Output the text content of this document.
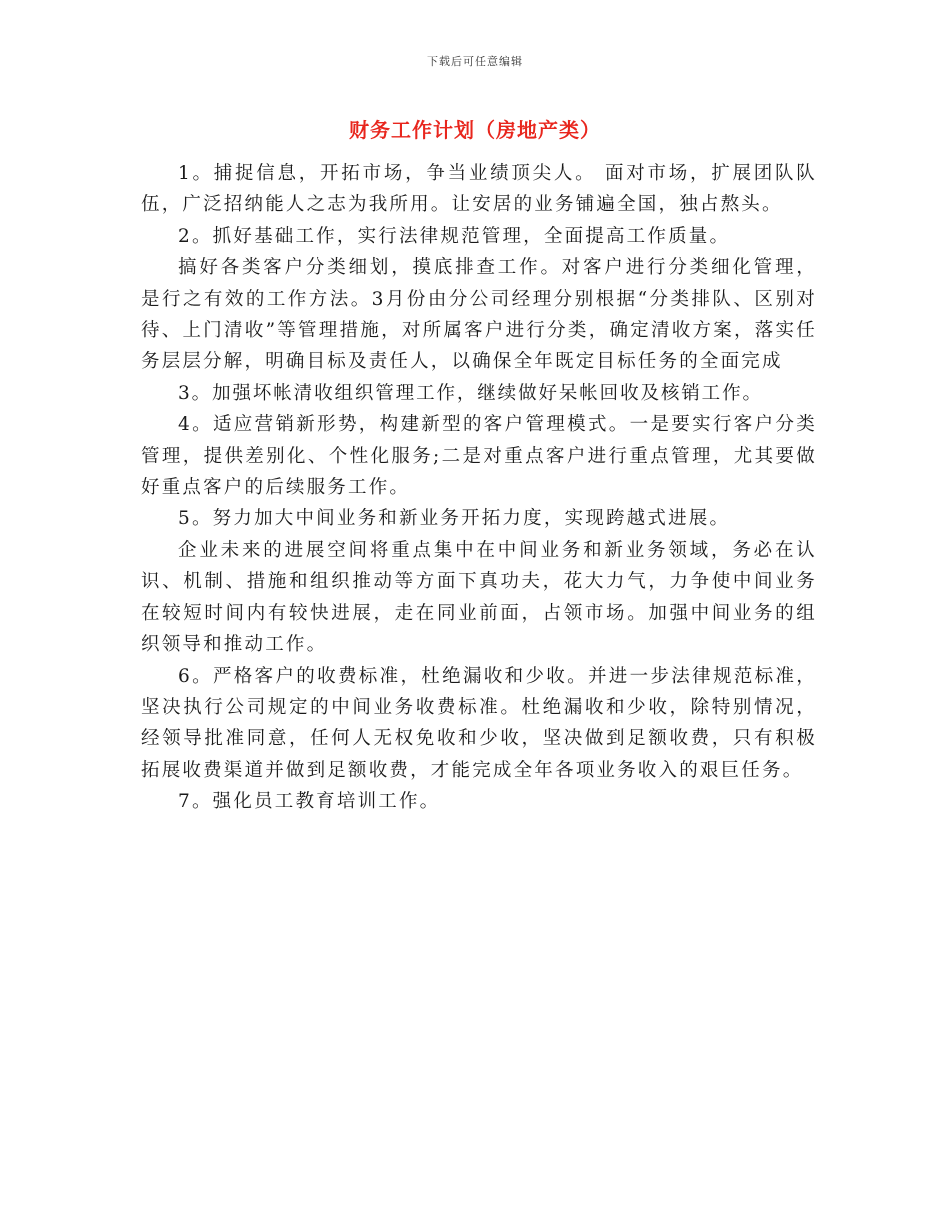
下载后可任意编辑
财务工作计划（房地产类）

1。捕捉信息，开拓市场，争当业绩顶尖人。 面对市场，扩展团队队伍，广泛招纳能人之志为我所用。让安居的业务铺遍全国，独占熬头。

2。抓好基础工作，实行法律规范管理，全面提高工作质量。

搞好各类客户分类细划，摸底排查工作。对客户进行分类细化管理，是行之有效的工作方法。3月份由分公司经理分别根据“分类排队、区别对待、上门清收”等管理措施，对所属客户进行分类，确定清收方案，落实任务层层分解，明确目标及责任人，以确保全年既定目标任务的全面完成

3。加强坏帐清收组织管理工作，继续做好呆帐回收及核销工作。

4。适应营销新形势，构建新型的客户管理模式。一是要实行客户分类管理，提供差别化、个性化服务;二是对重点客户进行重点管理，尤其要做好重点客户的后续服务工作。

5。努力加大中间业务和新业务开拓力度，实现跨越式进展。

企业未来的进展空间将重点集中在中间业务和新业务领域，务必在认识、机制、措施和组织推动等方面下真功夫，花大力气，力争使中间业务在较短时间内有较快进展，走在同业前面，占领市场。加强中间业务的组织领导和推动工作。

6。严格客户的收费标准，杜绝漏收和少收。并进一步法律规范标准，坚决执行公司规定的中间业务收费标准。杜绝漏收和少收，除特别情况，经领导批准同意，任何人无权免收和少收，坚决做到足额收费，只有积极拓展收费渠道并做到足额收费，才能完成全年各项业务收入的艰巨任务。

7。强化员工教育培训工作。
